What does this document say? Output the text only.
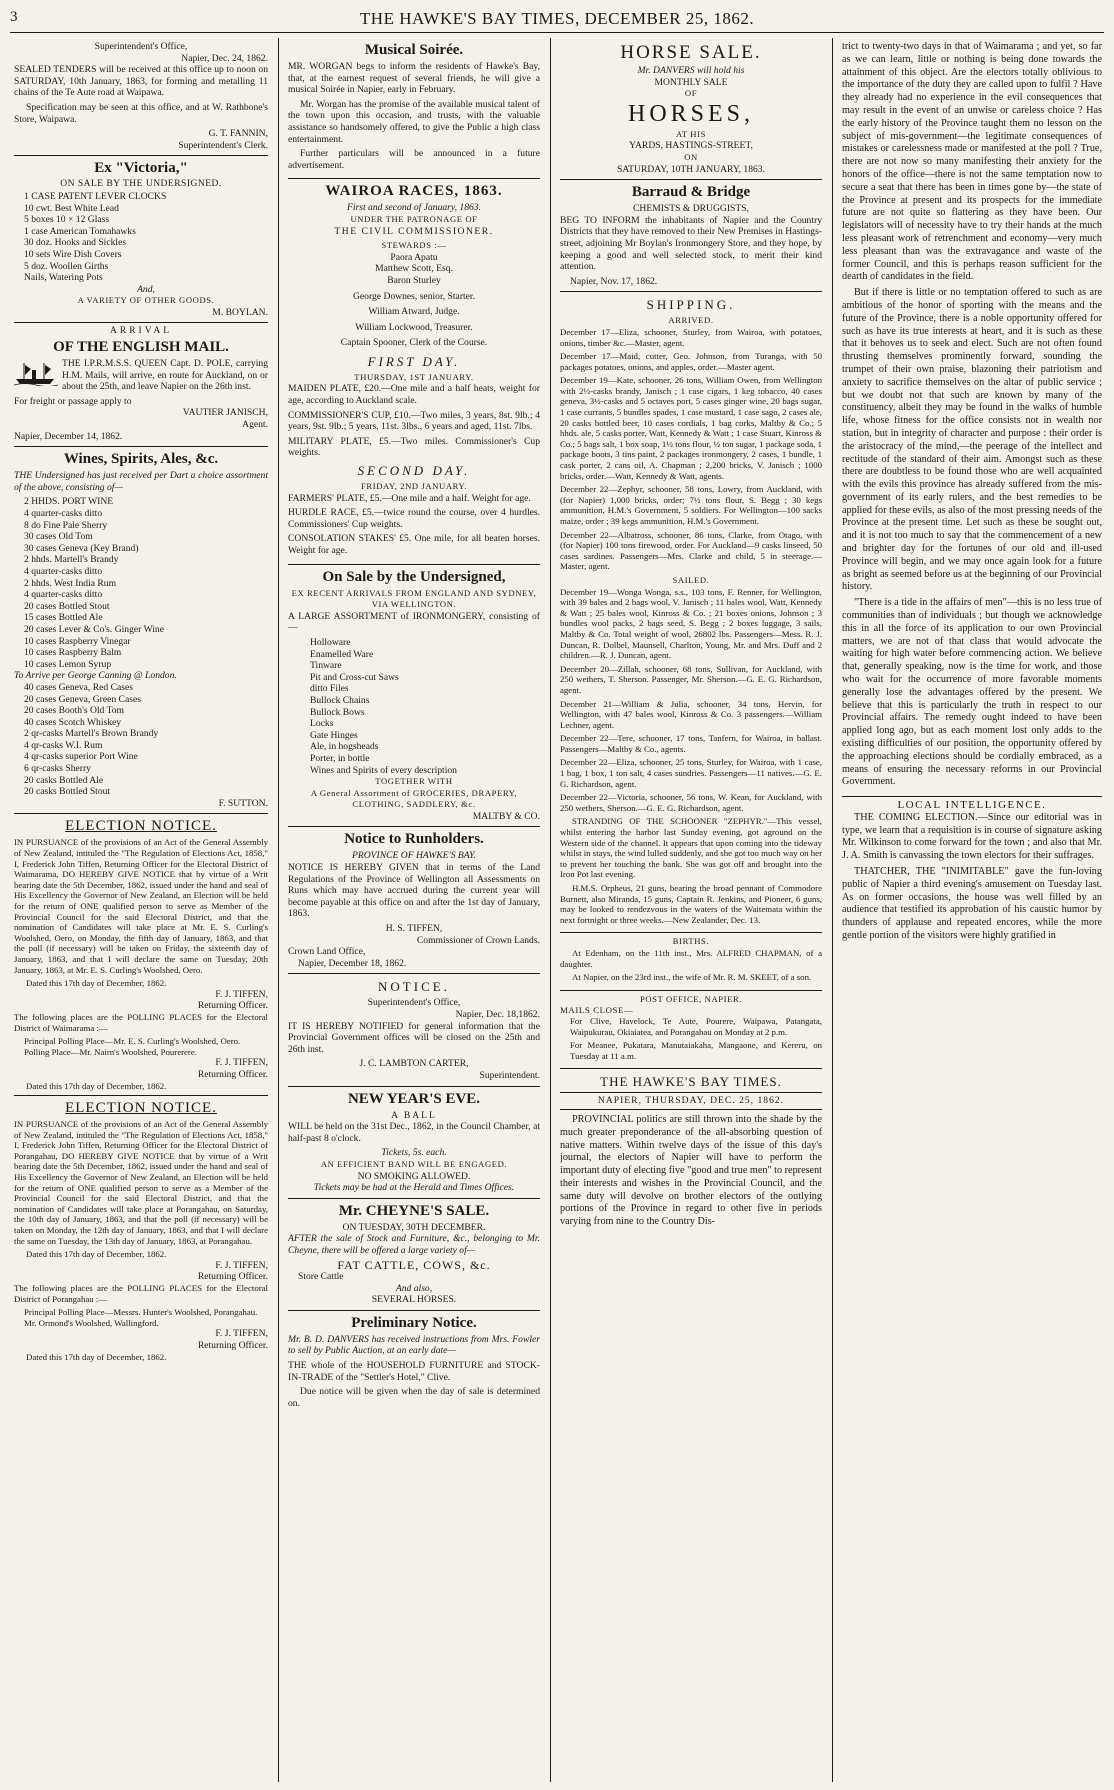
3	THE HAWKE'S BAY TIMES, DECEMBER 25, 1862.
Superintendent's Office,
Napier, Dec. 24, 1862.

SEALED TENDERS will be received at this office up to noon on SATURDAY, 10th January, 1863, for forming and metalling 11 chains of the Te Aute road at Waipawa.

Specification may be seen at this office, and at W. Rathbone's Store, Waipawa.

G. T. FANNIN,
Superintendent's Clerk.
Ex "Victoria,"
ON SALE BY THE UNDERSIGNED.
1 CASE PATENT LEVER CLOCKS
10 cwt. Best White Lead
5 boxes 10 × 12 Glass
1 case American Tomahawks
30 doz. Hooks and Sickles
10 sets Wire Dish Covers
5 doz. Woollen Girths
Nails, Watering Pots
And,
A VARIETY OF OTHER GOODS.
M. BOYLAN.
ARRIVAL
OF THE ENGLISH MAIL.

THE I.P.R.M.S.S. QUEEN Capt. D. POLE, carrying H.M. Mails, will arrive, en route for Auckland, on or about the 25th, and leave Napier on the 26th inst.

For freight or passage apply to
VAUTIER JANISCH,
Agent.
Napier, December 14, 1862.
Wines, Spirits, Ales, &c.

THE Undersigned has just received per Dart a choice assortment of the above, consisting of—

2 HHDS. PORT WINE
4 quarter-casks ditto
8 do Fine Pale Sherry
30 cases Old Tom
30 cases Geneva (Key Brand)
2 hhds. Martell's Brandy
4 quarter-casks ditto
2 hhds. West India Rum
4 quarter-casks ditto
20 cases Bottled Stout
15 cases Bottled Ale
20 cases Lever & Co's. Ginger Wine
10 cases Raspberry Vinegar
10 cases Raspberry Balm
10 cases Lemon Syrup
To Arrive per George Canning @ London.
40 cases Geneva, Red Cases
20 cases Geneva, Green Cases
20 cases Booth's Old Tom
40 cases Scotch Whiskey
2 qr-casks Martell's Brown Brandy
4 qr-casks W.I. Rum
4 qr-casks superior Port Wine
6 qr-casks Sherry
20 casks Bottled Ale
20 casks Bottled Stout
F. SUTTON.
ELECTION NOTICE.

IN PURSUANCE of the provisions of an Act of the General Assembly of New Zealand, intituled the "The Regulation of Elections Act, 1858," I, Frederick John Tiffen, Returning Officer for the Electoral District of Waimarama, DO HEREBY GIVE NOTICE that by virtue of a Writ bearing date the 5th December, 1862, issued under the hand and seal of His Excellency the Governor of New Zealand, an Election will be held for the return of ONE qualified person to serve as Member of the Provincial Council for the said Electoral District, and that the nomination of Candidates will take place at Mr. E. S. Curling's Woolshed, Oero, on Monday, the fifth day of January, 1863, and that the poll (if necessary) will be taken on Friday, the sixteenth day of January, 1863, and that I will declare the same on Tuesday, 20th January, 1863, at Mr. E. S. Curling's Woolshed, Oero.

Dated this 17th day of December, 1862.
F. J. TIFFEN,
Returning Officer.

The following places are the POLLING PLACES for the Electoral District of Waimarama :—

Principal Polling Place—Mr. E. S. Curling's Woolshed, Oero.
Polling Place—Mr. Nairn's Woolshed, Pourerere.
F. J. TIFFEN,
Returning Officer.
Dated this 17th day of December, 1862.
ELECTION NOTICE.

IN PURSUANCE of the provisions of an Act of the General Assembly of New Zealand, intituled the "The Regulation of Elections Act, 1858," I, Frederick John Tiffen, Returning Officer for the Electoral District of Porangahau, DO HEREBY GIVE NOTICE that by virtue of a Writ bearing date the 5th December, 1862, issued under the hand and seal of His Excellency the Governor of New Zealand, an Election will be held for the return of ONE qualified person to serve as a Member of the Provincial Council for the said Electoral District, and that the nomination of Candidates will take place at Porangahau, on Saturday, the 10th day of January, 1863, and that the poll (if necessary) will be taken on Monday, the 12th day of January, 1863, and that I will declare the same on Tuesday, the 13th day of January, 1863, at Porangahau.

Dated this 17th day of December, 1862.
F. J. TIFFEN,
Returning Officer.

The following places are the POLLING PLACES for the Electoral District of Porangahau :—

Principal Polling Place—Messrs. Hunter's Woolshed, Porangahau.
Mr. Ormond's Woolshed, Wallingford.
F. J. TIFFEN,
Returning Officer.
Dated this 17th day of December, 1862.
Musical Soirée.

MR. WORGAN begs to inform the residents of Hawke's Bay, that, at the earnest request of several friends, he will give a musical Soirée in Napier, early in February.

Mr. Worgan has the promise of the available musical talent of the town upon this occasion, and trusts, with the valuable assistance so handsomely offered, to give the Public a high class entertainment.

Further particulars will be announced in a future advertisement.

WAIROA RACES, 1863.
First and second of January, 1863.
UNDER THE PATRONAGE OF
THE CIVIL COMMISSIONER.
STEWARDS :—
Paora Apatu
Matthew Scott, Esq.
Baron Sturley
George Downes, senior, Starter.
William Atward, Judge.
William Lockwood, Treasurer.
Captain Spooner, Clerk of the Course.
FIRST DAY.
THURSDAY, 1ST JANUARY.

MAIDEN PLATE, £20.—One mile and a half heats, weight for age, according to Auckland scale.

COMMISSIONER'S CUP, £10.—Two miles, 3 years, 8st. 9lb.; 4 years, 9st. 9lb.; 5 years, 11st. 3lbs., 6 years and aged, 11st. 7lbs.

MILITARY PLATE, £5.—Two miles. Commissioner's Cup weights.

SECOND DAY.
FRIDAY, 2ND JANUARY.

FARMERS' PLATE, £5.—One mile and a half. Weight for age.

HURDLE RACE, £5.—twice round the course, over 4 hurdles. Commissioners' Cup weights.

CONSOLATION STAKES' £5. One mile, for all beaten horses. Weight for age.

On Sale by the Undersigned,
EX RECENT ARRIVALS FROM ENGLAND AND SYDNEY, VIA WELLINGTON.

A LARGE ASSORTMENT of IRONMONGERY, consisting of—

Holloware
Enamelled Ware
Tinware
Pit and Cross-cut Saws
ditto Files
Bullock Chains
Bullock Bows
Locks
Gate Hinges
Ale, in hogsheads
Porter, in bottle
Wines and Spirits of every description
TOGETHER WITH
A General Assortment of GROCERIES, DRAPERY, CLOTHING, SADDLERY, &c.
MALTBY & CO.
Notice to Runholders.
PROVINCE OF HAWKE'S BAY.

NOTICE IS HEREBY GIVEN that in terms of the Land Regulations of the Province of Wellington all Assessments on Runs which may have accrued during the current year will become payable at this office on and after the 1st day of January, 1863.

H. S. TIFFEN,
Commissioner of Crown Lands.
Crown Land Office,
Napier, December 18, 1862.
NOTICE.
Superintendent's Office,
Napier, Dec. 18,1862.

IT IS HEREBY NOTIFIED for general information that the Provincial Government offices will be closed on the 25th and 26th inst.

J. C. LAMBTON CARTER,
Superintendent.
NEW YEAR'S EVE.
A BALL

WILL be held on the 31st Dec., 1862, in the Council Chamber, at half-past 8 o'clock.

Tickets, 5s. each.
AN EFFICIENT BAND WILL BE ENGAGED.
NO SMOKING ALLOWED.
Tickets may be had at the Herald and Times Offices.
Mr. CHEYNE'S SALE.
ON TUESDAY, 30TH DECEMBER.

AFTER the sale of Stock and Furniture, &c., belonging to Mr. Cheyne, there will be offered a large variety of—

FAT CATTLE, COWS, &c.
Store Cattle
And also,
SEVERAL HORSES.
Preliminary Notice.

Mr. B. D. DANVERS has received instructions from Mrs. Fowler to sell by Public Auction, at an early date—

THE whole of the HOUSEHOLD FURNITURE and STOCK-IN-TRADE of the "Settler's Hotel," Clive.

Due notice will be given when the day of sale is determined on.

HORSE SALE.
Mr. DANVERS will hold his
MONTHLY SALE
OF
HORSES,
AT HIS
YARDS, HASTINGS-STREET,
ON
SATURDAY, 10TH JANUARY, 1863.
Barraud & Bridge
CHEMISTS & DRUGGISTS,

BEG TO INFORM the inhabitants of Napier and the Country Districts that they have removed to their New Premises in Hastings-street, adjoining Mr Boylan's Ironmongery Store, and they hope, by keeping a good and well selected stock, to merit their kind attention.

Napier, Nov. 17, 1862.
SHIPPING.
ARRIVED.

December 17—Eliza, schooner, Sturley, from Wairoa, with potatoes, onions, timber &c.—Master, agent.

December 17—Maid, cutter, Geo. Johnson, from Turanga, with 50 packages potatoes, onions, and apples, order.—Master agent.

December 19—Kate, schooner, 26 tons, William Owen, from Wellington with 2½-casks brandy, Janisch ; 1 case cigars, 1 keg tobacco, 40 cases geneva, 3½-casks and 5 octaves port, 5 cases ginger wine, 20 bags sugar, 1 case currants, 5 bundles spades, 1 case mustard, 1 case sago, 2 cases ale, 20 casks bottled beer, 10 cases cordials, 1 bag corks, Maltby & Co.; 5 hhds. ale, 5 casks porter, Watt, Kennedy & Watt ; 1 case Stuart, Kinross & Co.; 5 bags salt, 1 box soap, 1½ tons flour, ½ ton sugar, 1 package soda, 1 package boots, 3 tins paint, 2 packages ironmongery, 2 cases, 1 bundle, 1 cask porter, 2 cans oil, A. Chapman ; 2,200 bricks, V. Janisch ; 1000 bricks, order.—Watt, Kennedy & Watt, agents.

December 22—Zephyr, schooner, 58 tons, Lowry, from Auckland, with (for Napier) 1,000 bricks, order; 7½ tons flour, S. Begg ; 30 kegs ammunition, H.M.'s Government, 5 soldiers. For Wellington—100 sacks maize, order ; 39 kegs ammunition, H.M.'s Government.

December 22—Albatross, schooner, 86 tons, Clarke, from Otago, with (for Napier) 100 tons firewood, order. For Auckland—9 casks linseed, 50 cases sardines. Passengers—Mrs. Clarke and child, 5 in steerage.—Master, agent.

SAILED.

December 19—Wonga Wonga, s.s., 103 tons, F. Renner, for Wellington, with 39 bales and 2 bags wool, V. Janisch ; 11 bales wool, Watt, Kennedy & Watt ; 25 bales wool, Kinross & Co. ; 21 boxes onions, Johnson ; 3 bundles wool packs, 2 bags seed, S. Begg ; 2 boxes luggage, 3 sails, Maltby & Co. Total weight of wool, 26802 lbs. Passengers—Mess. R. J. Duncan, R. Dolbel, Maunsell, Charlton, Young, Mr. and Mrs. Duff and 2 children.—R. J. Duncan, agent.

December 20—Zillah, schooner, 68 tons, Sullivan, for Auckland, with 250 wethers, T. Sherson. Passenger, Mr. Sherson.—G. E. G. Richardson, agent.

December 21—William & Julia, schooner, 34 tons, Hervin, for Wellington, with 47 bales wool, Kinross & Co. 3 passengers.—William Lechner, agent.

December 22—Tere, schooner, 17 tons, Tanfern, for Wairoa, in ballast. Passengers—Maltby & Co., agents.

December 22—Eliza, schooner, 25 tons, Sturley, for Wairoa, with 1 case, 1 bag, 1 box, 1 ton salt, 4 cases sundries. Passengers—11 natives.—G. E. G. Richardson, agent.

December 22—Victoria, schooner, 56 tons, W. Kean, for Auckland, with 250 wethers, Sherson.—G. E. G. Richardson, agent.

STRANDING OF THE SCHOONER "ZEPHYR."—This vessel, whilst entering the harbor last Sunday evening, got aground on the Western side of the channel. It appears that upon coming into the tideway whilst in stays, the wind lulled suddenly, and she got too much way on her to prevent her touching the bank. She was got off and brought into the Iron Pot last evening.

H.M.S. Orpheus, 21 guns, bearing the broad pennant of Commodore Burnett, also Miranda, 15 guns, Captain R. Jenkins, and Pioneer, 6 guns, may be looked to rendezvous in the waters of the Waitemata within the next fortnight or three weeks.—New Zealander, Dec. 13.

BIRTHS.

At Edenham, on the 11th inst., Mrs. ALFRED CHAPMAN, of a daughter.

At Napier, on the 23rd inst., the wife of Mr. R. M. SKEET, of a son.

POST OFFICE, NAPIER.
MAILS CLOSE—

For Clive, Havelock, Te Aute, Pourere, Waipawa, Patangata, Waipukurau, Okiaiatea, and Porangahau on Monday at 2 p.m.

For Meanee, Pukatara, Manutaiakaha, Mangaone, and Kereru, on Tuesday at 11 a.m.

THE HAWKE'S BAY TIMES.
NAPIER, THURSDAY, DEC. 25, 1862.

PROVINCIAL politics are still thrown into the shade by the much greater preponderance of the all-absorbing question of native matters. Within twelve days of the issue of this day's journal, the electors of Napier will have to perform the important duty of electing five "good and true men" to represent their interests and wishes in the Provincial Council, and the same duty will devolve on brother electors of the outlying portions of the Province in regard to other five in periods varying from nine to the Country Dis-

trict to twenty-two days in that of Waimarama ; and yet, so far as we can learn, little or nothing is being done towards the attainment of this object. Are the electors totally oblivious to the importance of the duty they are called upon to fulfil ? Have they already had no experience in the evil consequences that may result in the event of an unwise or careless choice ? Has the early history of the Province taught them no lesson on the subject of mis-government—the legitimate consequences of mistakes or carelessness made or manifested at the poll ? True, there are not now so many manifesting their anxiety for the honors of the office—there is not the same temptation now to secure a seat that there has been in times gone by—the state of the Province at present and its prospects for the immediate future are not quite so flattering as they have been. Our legislators will of necessity have to try their hands at the much less pleasant work of retrenchment and economy—very much less pleasant than was the extravagance and waste of the former Council, and this is perhaps reason sufficient for the dearth of candidates in the field.

But if there is little or no temptation offered to such as are ambitious of the honor of sporting with the means and the future of the Province, there is a noble opportunity offered for such as have its true interests at heart, and it is such as these that it behoves us to seek and elect. Such are not often found thrusting themselves prominently forward, sounding the trumpet of their own praise, blazoning their patriotism and anxiety to sacrifice themselves on the altar of public service ; but we doubt not that such are known by many of the constituency, albeit they may be found in the walks of humble life, whose fitness for the office consists not in wealth nor station, but in integrity of character and purpose : their order is the aristocracy of the mind,—the peerage of the intellect and rectitude of the standard of their aim. Amongst such as these there are doubtless to be found those who are well acquainted with the evils this province has already suffered from the mis-government of its early rulers, and the best remedies to be applied for these evils, as also of the most pressing needs of the Province at the present time. Let such as these be sought out, and it is not too much to say that the commencement of a new and brighter day for the fortunes of our old and ill-used Province will begin, and we may once again look for a future as bright as seemed before us at the beginning of our Provincial history.

"There is a tide in the affairs of men"—this is no less true of communities than of individuals ; but though we acknowledge this in all the force of its application to our own Provincial matters, we are not of that class that would advocate the waiting for high water before commencing action. We believe that, generally speaking, now is the time for work, and those who wait for the occurrence of more favorable moments generally lose the advantages offered by the present. We believe that this is particularly the truth in respect to our Provincial affairs. The remedy ought indeed to have been applied long ago, but as each moment lost only adds to the existing difficulties of our position, the opportunity offered by the approaching elections should be cordially embraced, as a means of ensuring the necessary reforms in our Provincial Government.

LOCAL INTELLIGENCE.

THE COMING ELECTION.—Since our editorial was in type, we learn that a requisition is in course of signature asking Mr. Wilkinson to come forward for the town ; and also that Mr. J. A. Smith is canvassing the town electors for their suffrages.

THATCHER, THE "INIMITABLE" gave the fun-loving public of Napier a third evening's amusement on Tuesday last. As on former occasions, the house was well filled by an audience that testified its approbation of his caustic humor by thunders of applause and repeated encores, while the more gentle portion of the visitors were highly gratified in
